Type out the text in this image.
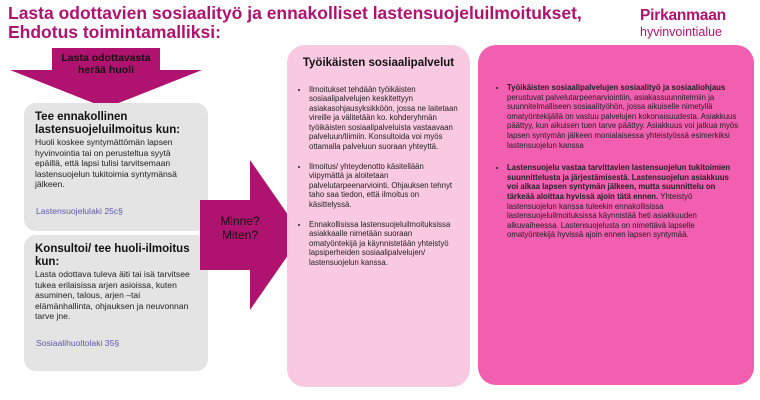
Lasta odottavien sosiaalityö ja ennakolliset lastensuojeluilmoitukset, Ehdotus toimintamalliksi:
Pirkanmaan
hyvinvointialue
Lasta odottavasta herää huoli
Tee ennakollinen lastensuojeluilmoitus kun:

Huoli koskee syntymättömän lapsen hyvinvointia tai on perusteltua syytä epäillä, että lapsi tulisi tarvitsemaan lastensuojelun tukitoimia syntymänsä jälkeen.

Lastensuojelulaki 25c§
Konsultoi/ tee huoli-ilmoitus kun:

Lasta odottava tuleva äiti tai isä tarvitsee tukea erilaisissa arjen asioissa, kuten asuminen, talous, arjen –tai elämänhallinta, ohjauksen ja neuvonnan tarve jne.

Sosiaalihuoltolaki 35§
Minne? Miten?
Työikäisten sosiaalipalvelut
• Ilmoitukset tehdään työikäisten sosiaalipalvelujen keskitettyyn asiakasohjausyksikköön, jossa ne laitetaan vireille ja välitetään ko. kohderyhmän työikäisten sosiaalipalveluista vastaavaan palveluun/tiimiin. Konsultoida voi myös ottamalla palveluun suoraan yhteyttä.
• Ilmoitus/ yhteydenotto käsitellään viipymättä ja aloitetaan palvelutarpeenarviointi. Ohjauksen tehnyt taho saa tiedon, että ilmoitus on käsittelyssä.
• Ennakollisissa lastensuojeluilmoituksissa asiakkaalle nimetään suoraan omatyöntekijä ja käynnistetään yhteistyö lapsiperheiden sosiaalipalvelujen/ lastensuojelun kanssa.
• Työikäisten sosiaalipalvelujen sosiaalityö ja sosiaaliohjaus perustuvat palvelutarpeenarviointiin, asiakassuunnitelmiin ja suunnitelmalliseen sosiaalityöhön, jossa aikuiselle nimetyllä omatyöntekijällä on vastuu palvelujen kokonaisuudesta. Asiakkuus päättyy, kun aikuisen tuen tarve päättyy. Asiakkuus voi jatkua myös lapsen syntymän jälkeen monialaisessa yhteistyössä esimerkiksi lastensuojelun kanssa
• Lastensuojelu vastaa tarvittavien lastensuojelun tukitoimien suunnittelusta ja järjestämisestä. Lastensuojelun asiakkuus voi alkaa lapsen syntymän jälkeen, mutta suunnittelu on tärkeää aloittaa hyvissä ajoin tätä ennen. Yhteistyö lastensuojelun kanssa tuleekin ennakollisissa lastensuojeluilmoituksissa käynnistää heti asiakkuuden alkuvaiheessa. Lastensuojelusta on nimettävä lapselle omatyöntekijä hyvissä ajoin ennen lapsen syntymää.
